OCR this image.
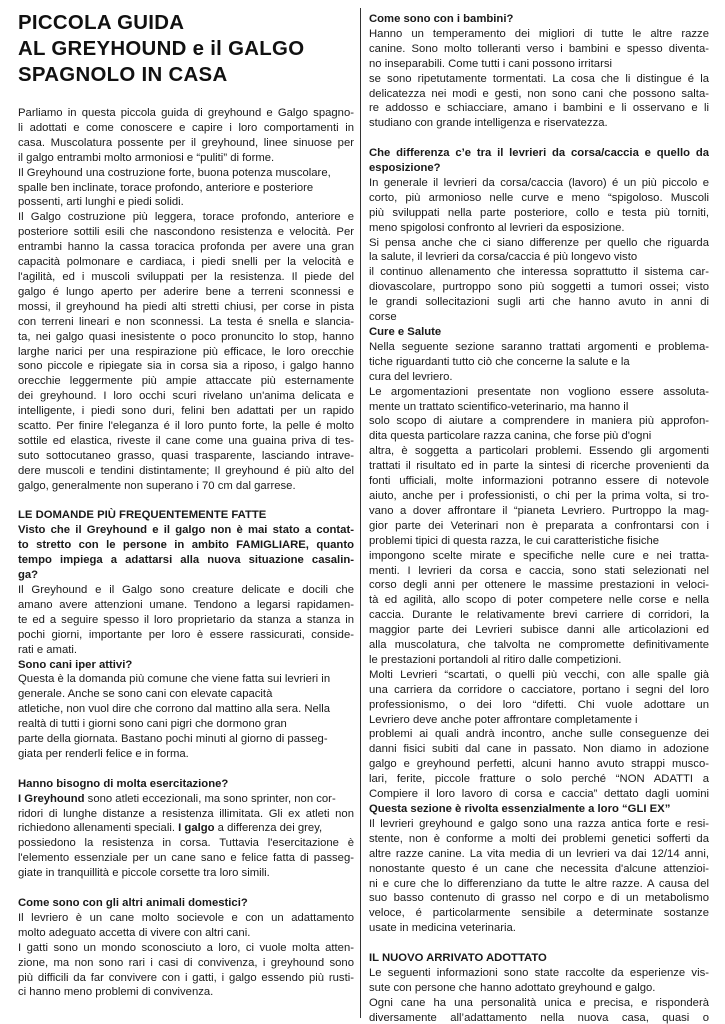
PICCOLA GUIDA
AL GREYHOUND e il GALGO
SPAGNOLO IN CASA
Parliamo in questa piccola guida di greyhound e Galgo spagno-
li adottati e come conoscere e capire i loro comportamenti in
casa. Muscolatura possente per il greyhound, linee sinuose per
il galgo entrambi molto armoniosi e “puliti” di forme.
Il Greyhound una costruzione forte, buona potenza muscolare,
spalle ben inclinate, torace profondo, anteriore e posteriore
possenti, arti lunghi e piedi solidi.
Il Galgo costruzione più leggera, torace profondo, anteriore e
posteriore sottili esili che nascondono resistenza e velocità. Per
entrambi hanno la cassa toracica profonda per avere una gran
capacità polmonare e cardiaca, i piedi snelli per la velocità e
l'agilità, ed i muscoli sviluppati per la resistenza. Il piede del
galgo é lungo aperto per aderire bene a terreni sconnessi e
mossi, il greyhound ha piedi alti stretti chiusi, per corse in pista
con terreni lineari e non sconnessi. La testa é snella e slancia-
ta, nei galgo quasi inesistente o poco pronuncito lo stop, hanno
larghe narici per una respirazione più efficace, le loro orecchie
sono piccole e ripiegate sia in corsa sia a riposo, i galgo hanno
orecchie leggermente più ampie attaccate più esternamente
dei greyhound. I loro occhi scuri rivelano un'anima delicata e
intelligente, i piedi sono duri, felini ben adattati per un rapido
scatto. Per finire l'eleganza é il loro punto forte, la pelle é molto
sottile ed elastica, riveste il cane come una guaina priva di tes-
suto sottocutaneo grasso, quasi trasparente, lasciando intrave-
dere muscoli e tendini distintamente; Il greyhound é più alto del
galgo, generalmente non superano i 70 cm dal garrese.
LE DOMANDE PIÙ FREQUENTEMENTE FATTE
Visto che il Greyhound e il galgo non è mai stato a contat-
to stretto con le persone in ambito FAMIGLIARE, quanto
tempo impiega a adattarsi alla nuova situazione casalin-
ga?
Il Greyhound e il Galgo sono creature delicate e docili che
amano avere attenzioni umane. Tendono a legarsi rapidamen-
te ed a seguire spesso il loro proprietario da stanza a stanza in
pochi giorni, importante per loro è essere rassicurati, conside-
rati e amati.
Sono cani iper attivi?
Questa è la domanda più comune che viene fatta sui levrieri in
generale. Anche se sono cani con elevate capacità
atletiche, non vuol dire che corrono dal mattino alla sera. Nella
realtà di tutti i giorni sono cani pigri che dormono gran
parte della giornata. Bastano pochi minuti al giorno di passeg-
giata per renderli felice e in forma.
Hanno bisogno di molta esercitazione?
I Greyhound sono atleti eccezionali, ma sono sprinter, non cor-
ridori di lunghe distanze a resistenza illimitata. Gli ex atleti non
richiedono allenamenti speciali. I galgo a differenza dei grey,
possiedono la resistenza in corsa. Tuttavia l'esercitazione è
l'elemento essenziale per un cane sano e felice fatta di passeg-
giate in tranquillità e piccole corsette tra loro simili.
Come sono con gli altri animali domestici?
Il levriero è un cane molto socievole e con un adattamento
molto adeguato accetta di vivere con altri cani.
I gatti sono un mondo sconosciuto a loro, ci vuole molta atten-
zione, ma non sono rari i casi di convivenza, i greyhound sono
più difficili da far convivere con i gatti, i galgo essendo più rusti-
ci hanno meno problemi di convivenza.
Come sono con i bambini?
Hanno un temperamento dei migliori di tutte le altre razze
canine. Sono molto tolleranti verso i bambini e spesso diventa-
no inseparabili. Come tutti i cani possono irritarsi
se sono ripetutamente tormentati. La cosa che li distingue é la
delicatezza nei modi e gesti, non sono cani che possono salta-
re addosso e schiacciare, amano i bambini e li osservano e li
studiano con grande intelligenza e riservatezza.
Che differenza c’e tra il levrieri da corsa/caccia e quello da
esposizione?
In generale il levrieri da corsa/caccia (lavoro) é un più piccolo e
corto, più armonioso nelle curve e meno “spigoloso. Muscoli
più sviluppati nella parte posteriore, collo e testa più torniti,
meno spigolosi confronto al levrieri da esposizione.
Si pensa anche che ci siano differenze per quello che riguarda
la salute, il levrieri da corsa/caccia é più longevo visto
il continuo allenamento che interessa soprattutto il sistema car-
diovascolare, purtroppo sono più soggetti a tumori ossei; visto
le grandi sollecitazioni sugli arti che hanno avuto in anni di
corse
Cure e Salute
Nella seguente sezione saranno trattati argomenti e problema-
tiche riguardanti tutto ciò che concerne la salute e la
cura del levriero.
Le argomentazioni presentate non vogliono essere assoluta-
mente un trattato scientifico-veterinario, ma hanno il
solo scopo di aiutare a comprendere in maniera più approfon-
dita questa particolare razza canina, che forse più d'ogni
altra, è soggetta a particolari problemi. Essendo gli argomenti
trattati il risultato ed in parte la sintesi di ricerche provenienti da
fonti ufficiali, molte informazioni potranno essere di notevole
aiuto, anche per i professionisti, o chi per la prima volta, si tro-
vano a dover affrontare il “pianeta Levriero. Purtroppo la mag-
gior parte dei Veterinari non è preparata a confrontarsi con i
problemi tipici di questa razza, le cui caratteristiche fisiche
impongono scelte mirate e specifiche nelle cure e nei tratta-
menti. I levrieri da corsa e caccia, sono stati selezionati nel
corso degli anni per ottenere le massime prestazioni in veloci-
tà ed agilità, allo scopo di poter competere nelle corse e nella
caccia. Durante le relativamente brevi carriere di corridori, la
maggior parte dei Levrieri subisce danni alle articolazioni ed
alla muscolatura, che talvolta ne compromette definitivamente
le prestazioni portandoli al ritiro dalle competizioni.
Molti Levrieri “scartati, o quelli più vecchi, con alle spalle già
una carriera da corridore o cacciatore, portano i segni del loro
professionismo, o dei loro “difetti. Chi vuole adottare un
Levriero deve anche poter affrontare completamente i
problemi ai quali andrà incontro, anche sulle conseguenze dei
danni fisici subiti dal cane in passato. Non diamo in adozione
galgo e greyhound perfetti, alcuni hanno avuto strappi musco-
lari, ferite, piccole fratture o solo perché “NON ADATTI a
Compiere il loro lavoro di corsa e caccia” dettato dagli uomini
Questa sezione è rivolta essenzialmente a loro “GLI EX”
Il levrieri greyhound e galgo sono una razza antica forte e resi-
stente, non è conforme a molti dei problemi genetici sofferti da
altre razze canine. La vita media di un levrieri va dai 12/14 anni,
nonostante questo é un cane che necessita d'alcune attenzioi-
ni e cure che lo differenziano da tutte le altre razze. A causa del
suo basso contenuto di grasso nel corpo e di un metabolismo
veloce, é particolarmente sensibile a determinate sostanze
usate in medicina veterinaria.
IL NUOVO ARRIVATO ADOTTATO
Le seguenti informazioni sono state raccolte da esperienze vis-
sute con persone che hanno adottato greyhound e galgo.
Ogni cane ha una personalità unica e precisa, e risponderà
diversamente all’adattamento nella nuova casa, quasi o
